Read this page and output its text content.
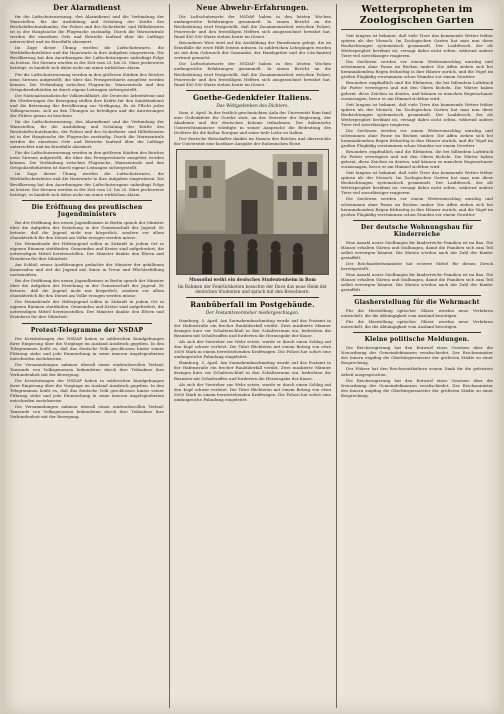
Der Alarmdienst

für die Luftschutzwarnung, den Alarmdienst und die Verbindung der Warnstellen, für die Ausbildung und Schulung der Kräfte des Reichsluftschutzbundes, der Polizei und des Sicherheits- und Hilfsdienstes ist in der Hauptsache die Flugwache zuständig. Durch die Warnzentrale werden die einzelnen Orte und Betriebe laufend über die Luftlage unterrichtet und im Ernstfalle alarmiert.

Im Zuge dieser Übung werden die Luftschutzwarte, die Werkluftschutzleiter und die Hauswarte in ihre Aufgaben eingewiesen. Die Bevölkerung hat den Anordnungen der Luftschutzorgane unbedingt Folge zu leisten. Die Sirenen werden in der Zeit vom 23. bis 25. März probeweise betätigt; es handelt sich dabei nicht um einen wirklichen Alarm.

Für die Luftschutzwarnung werden in den größeren Städten des Reiches neue Sirenen aufgestellt, die über das Fernsprechnetz ausgelöst werden können. Die Verbindung zwischen Flugwache, Warnzentrale und den Ortspolizeibehörden ist durch eigene Leitungen sichergestellt.

Die Nationalsozialistische Volkswohlfahrt, die Deutsche Arbeitsfront und die Gliederungen der Bewegung stellen ihre Kräfte für den Sanitätsdienst und die Betreuung der Bevölkerung zur Verfügung. Es ist Pflicht jedes Volksgenossen, sich an den Übungen zu beteiligen und die Anweisungen der Führer genau zu beachten.

für die Luftschutzwarnung, den Alarmdienst und die Verbindung der Warnstellen, für die Ausbildung und Schulung der Kräfte des Reichsluftschutzbundes, der Polizei und des Sicherheits- und Hilfsdienstes ist in der Hauptsache die Flugwache zuständig. Durch die Warnzentrale werden die einzelnen Orte und Betriebe laufend über die Luftlage unterrichtet und im Ernstfalle alarmiert.

Für die Luftschutzwarnung werden in den größeren Städten des Reiches neue Sirenen aufgestellt, die über das Fernsprechnetz ausgelöst werden können. Die Verbindung zwischen Flugwache, Warnzentrale und den Ortspolizeibehörden ist durch eigene Leitungen sichergestellt.

Im Zuge dieser Übung werden die Luftschutzwarte, die Werkluftschutzleiter und die Hauswarte in ihre Aufgaben eingewiesen. Die Bevölkerung hat den Anordnungen der Luftschutzorgane unbedingt Folge zu leisten. Die Sirenen werden in der Zeit vom 23. bis 25. März probeweise betätigt; es handelt sich dabei nicht um einen wirklichen Alarm.

Die Eröffnung des preußischen Jugendministers

Bei der Eröffnung des neuen Jugendheimes in Berlin sprach der Minister über die Aufgaben der Erziehung in der Gemeinschaft der Jugend. Er betonte, daß die Jugend nicht nur körperlich, sondern vor allem charakterlich für den Dienst am Volke erzogen werden müsse.

Die Heimabende der Hitlerjugend sollen in Zukunft in jedem Ort in eigenen Räumen stattfinden. Gemeinden und Kreise sind aufgefordert, die notwendigen Mittel bereitzustellen. Der Minister dankte den Eltern und Erziehern für ihre Mitarbeit.

Am Schluß seiner Ausführungen gedachte der Minister der gefallenen Kameraden und rief die Jugend auf, ihnen in Treue und Pflichterfüllung nachzueifern.

Bei der Eröffnung des neuen Jugendheimes in Berlin sprach der Minister über die Aufgaben der Erziehung in der Gemeinschaft der Jugend. Er betonte, daß die Jugend nicht nur körperlich, sondern vor allem charakterlich für den Dienst am Volke erzogen werden müsse.

Die Heimabende der Hitlerjugend sollen in Zukunft in jedem Ort in eigenen Räumen stattfinden. Gemeinden und Kreise sind aufgefordert, die notwendigen Mittel bereitzustellen. Der Minister dankte den Eltern und Erziehern für ihre Mitarbeit.

Protest-Telegramme der NSDAP

Die Kreisleitungen der NSDAP haben in zahlreichen Kundgebungen ihrer Empörung über die Vorgänge im Ausland Ausdruck gegeben. In den Telegrammen heißt es, daß das deutsche Volk geschlossen hinter seiner Führung stehe und jede Einmischung in seine inneren Angelegenheiten entschieden zurückweise.

Die Versammlungen nahmen überall einen eindrucksvollen Verlauf. Tausende von Volksgenossen bekundeten durch ihre Teilnahme ihre Verbundenheit mit der Bewegung.

Die Kreisleitungen der NSDAP haben in zahlreichen Kundgebungen ihrer Empörung über die Vorgänge im Ausland Ausdruck gegeben. In den Telegrammen heißt es, daß das deutsche Volk geschlossen hinter seiner Führung stehe und jede Einmischung in seine inneren Angelegenheiten entschieden zurückweise.

Die Versammlungen nahmen überall einen eindrucksvollen Verlauf. Tausende von Volksgenossen bekundeten durch ihre Teilnahme ihre Verbundenheit mit der Bewegung.

Neue Abwehr-Erfahrungen.

Die Luftschutzwarte der NSDAP haben in den letzten Wochen umfangreiche Erfahrungen gesammelt. In einem Bericht an die Reichsleitung wird festgestellt, daß die Zusammenarbeit zwischen Polizei, Feuerwehr und den freiwilligen Helfern sich ausgezeichnet bewährt hat. Rund 450 000 Warte stehen heute im Dienst.

Besonderer Wert wird auf die Ausbildung der Hausfrauen gelegt, die im Ernstfalle die erste Hilfe leisten müssen. In zahlreichen Lehrgängen wurden sie mit dem Gebrauch der Gasmaske, der Handspritze und der Löschmittel vertraut gemacht.

Die Luftschutzwarte der NSDAP haben in den letzten Wochen umfangreiche Erfahrungen gesammelt. In einem Bericht an die Reichsleitung wird festgestellt, daß die Zusammenarbeit zwischen Polizei, Feuerwehr und den freiwilligen Helfern sich ausgezeichnet bewährt hat. Rund 450 000 Warte stehen heute im Dienst.

Goethe-Gedenkfeier Italiens.
Das Weltgedenken des Dichters.

Rom, 6. April. In der festlich geschmückten Aula der Universität Rom fand eine Gedenkfeier für Goethe statt, an der Vertreter der Regierung, der Akademie und der deutschen Kolonie teilnahmen. Der italienische Unterrichtsminister würdigte in seiner Ansprache die Bedeutung des Dichters für die Kultur Europas und seine tiefe Liebe zu Italien.

Der deutsche Botschafter dankte im Namen des Reiches und überreichte der Universität eine kostbare Ausgabe der Italienischen Reise.

Mussolini weiht ein deutsches Studentenheim in Rom
Im Rahmen der Feierlichkeiten besuchte der Duce das neue Heim der deutschen Studenten und sprach mit den Bewohnern.
Raubüberfall im Postgebäude.
Der Postamtsvorsteher niedergeschlagen.

Hamburg, 5. April. Am Sonnabendnachmittag wurde auf das Postamt in der Hafenstraße ein frecher Raubüberfall verübt. Zwei maskierte Männer drangen kurz vor Schalterschluß in den Schalterraum ein, bedrohten die Beamten mit Schußwaffen und forderten die Herausgabe der Kasse.

Als sich der Vorsteher zur Wehr setzte, wurde er durch einen Schlag auf den Kopf schwer verletzt. Die Täter flüchteten mit einem Betrag von etwa 3000 Mark in einem bereitstehenden Kraftwagen. Die Polizei hat sofort eine umfangreiche Fahndung eingeleitet.

Hamburg, 5. April. Am Sonnabendnachmittag wurde auf das Postamt in der Hafenstraße ein frecher Raubüberfall verübt. Zwei maskierte Männer drangen kurz vor Schalterschluß in den Schalterraum ein, bedrohten die Beamten mit Schußwaffen und forderten die Herausgabe der Kasse.

Als sich der Vorsteher zur Wehr setzte, wurde er durch einen Schlag auf den Kopf schwer verletzt. Die Täter flüchteten mit einem Betrag von etwa 3000 Mark in einem bereitstehenden Kraftwagen. Die Polizei hat sofort eine umfangreiche Fahndung eingeleitet.

Wetterpropheten im Zoologischen Garten

Seit langem ist bekannt, daß viele Tiere das kommende Wetter früher spüren als der Mensch. Im Zoologischen Garten hat man nun diese Beobachtungen systematisch gesammelt. Der Laubfrosch, der als Wetterprophet berühmt ist, versagt dabei nicht selten, während andere Tiere viel zuverlässiger reagieren.

Die Seelöwen werden vor einem Wetterumschlag unruhig und schwimmen ohne Pause im Becken umher. Die Affen ziehen sich bei herannahendem Regen frühzeitig in ihre Häuser zurück, und die Vögel im großen Flugkäfig verstummen schon Stunden vor einem Gewitter.

Besonders empfindlich sind die Elefanten, die bei fallendem Luftdruck ihr Futter verweigern und mit den Ohren fächeln. Die Wärter haben gelernt, diese Zeichen zu deuten, und können so manchen Regenschauer voraussagen, bevor er am Himmel sichtbar wird.

Seit langem ist bekannt, daß viele Tiere das kommende Wetter früher spüren als der Mensch. Im Zoologischen Garten hat man nun diese Beobachtungen systematisch gesammelt. Der Laubfrosch, der als Wetterprophet berühmt ist, versagt dabei nicht selten, während andere Tiere viel zuverlässiger reagieren.

Die Seelöwen werden vor einem Wetterumschlag unruhig und schwimmen ohne Pause im Becken umher. Die Affen ziehen sich bei herannahendem Regen frühzeitig in ihre Häuser zurück, und die Vögel im großen Flugkäfig verstummen schon Stunden vor einem Gewitter.

Besonders empfindlich sind die Elefanten, die bei fallendem Luftdruck ihr Futter verweigern und mit den Ohren fächeln. Die Wärter haben gelernt, diese Zeichen zu deuten, und können so manchen Regenschauer voraussagen, bevor er am Himmel sichtbar wird.

Seit langem ist bekannt, daß viele Tiere das kommende Wetter früher spüren als der Mensch. Im Zoologischen Garten hat man nun diese Beobachtungen systematisch gesammelt. Der Laubfrosch, der als Wetterprophet berühmt ist, versagt dabei nicht selten, während andere Tiere viel zuverlässiger reagieren.

Die Seelöwen werden vor einem Wetterumschlag unruhig und schwimmen ohne Pause im Becken umher. Die Affen ziehen sich bei herannahendem Regen frühzeitig in ihre Häuser zurück, und die Vögel im großen Flugkäfig verstummen schon Stunden vor einem Gewitter.

Der deutsche Wohnungsbau für Kinderreiche

Eine Anzahl neuer Siedlungen für kinderreiche Familien ist im Bau. Die Häuser erhalten Gärten und Stallungen, damit die Familien sich zum Teil selbst versorgen können. Die Mieten werden nach der Zahl der Kinder gestaffelt.

Der Reichsarbeitsminister hat weitere Mittel für diesen Zweck bereitgestellt.

Eine Anzahl neuer Siedlungen für kinderreiche Familien ist im Bau. Die Häuser erhalten Gärten und Stallungen, damit die Familien sich zum Teil selbst versorgen können. Die Mieten werden nach der Zahl der Kinder gestaffelt.

Glasherstellung für die Wehrmacht

Für die Herstellung optischer Gläser wurden neue Verfahren entwickelt, die die Abhängigkeit vom Ausland beseitigen.

Für die Herstellung optischer Gläser wurden neue Verfahren entwickelt, die die Abhängigkeit vom Ausland beseitigen.

Kleine politische Meldungen.

Die Reichsregierung hat den Entwurf eines Gesetzes über die Neuordnung der Gemeindefinanzen verabschiedet. Der Reichsminister des Innern empfing die Oberbürgermeister der größeren Städte zu einer Besprechung.

Der Führer hat den Reichsstatthaltern seinen Dank für die geleistete Arbeit ausgesprochen.

Die Reichsregierung hat den Entwurf eines Gesetzes über die Neuordnung der Gemeindefinanzen verabschiedet. Der Reichsminister des Innern empfing die Oberbürgermeister der größeren Städte zu einer Besprechung.
